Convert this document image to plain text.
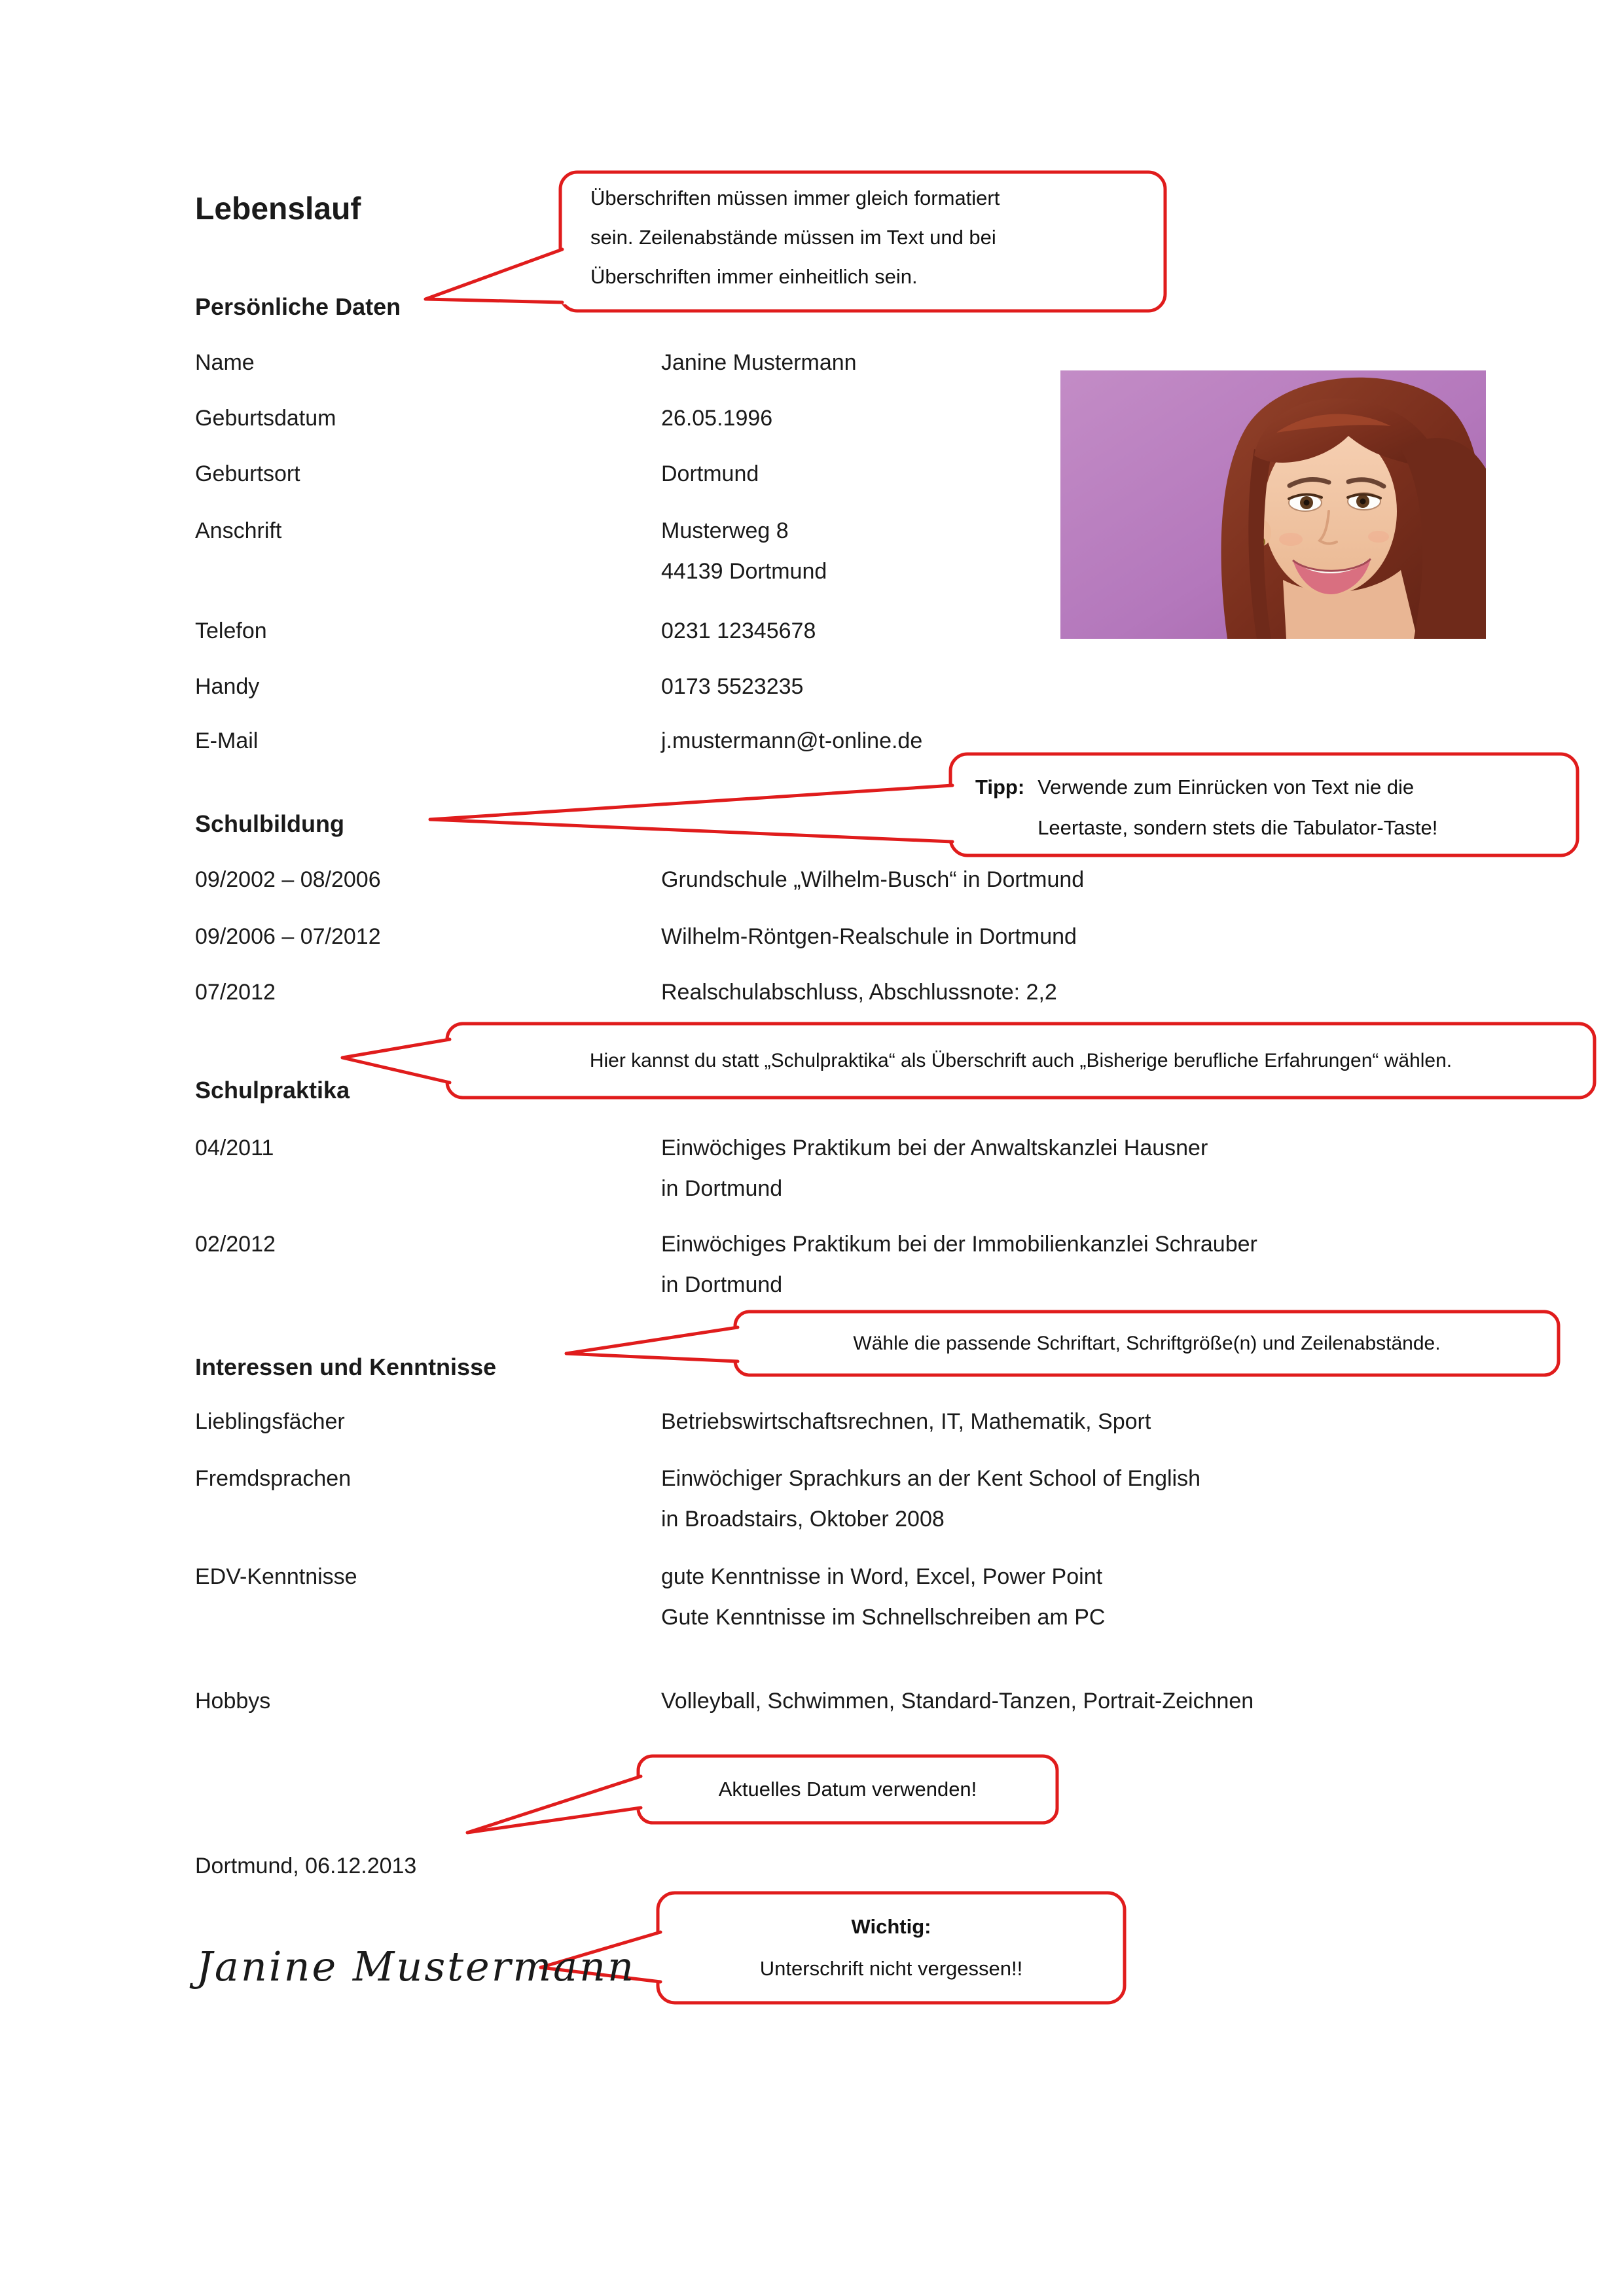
Lebenslauf	Überschriften müssen immer gleich formatiert
sein. Zeilenabstände müssen im Text und bei
Überschriften immer einheitlich sein.
Persönliche Daten
Name	Janine Mustermann
Geburtsdatum	26.05.1996
Geburtsort	Dortmund
Anschrift	Musterweg 8
44139 Dortmund
Telefon	0231 12345678
Handy	0173 5523235
E-Mail	j.mustermann@t-online.de
Tipp: Verwende zum Einrücken von Text nie die
Leertaste, sondern stets die Tabulator-Taste!
Schulbildung
09/2002 – 08/2006	Grundschule „Wilhelm-Busch“ in Dortmund
09/2006 – 07/2012	Wilhelm-Röntgen-Realschule in Dortmund
07/2012	Realschulabschluss, Abschlussnote: 2,2
Hier kannst du statt „Schulpraktika“ als Überschrift auch „Bisherige berufliche Erfahrungen“ wählen.
Schulpraktika
04/2011	Einwöchiges Praktikum bei der Anwaltskanzlei Hausner
in Dortmund
02/2012	Einwöchiges Praktikum bei der Immobilienkanzlei Schrauber
in Dortmund
Wähle die passende Schriftart, Schriftgröße(n) und Zeilenabstände.
Interessen und Kenntnisse
Lieblingsfächer	Betriebswirtschaftsrechnen, IT, Mathematik, Sport
Fremdsprachen	Einwöchiger Sprachkurs an der Kent School of English
in Broadstairs, Oktober 2008
EDV-Kenntnisse	gute Kenntnisse in Word, Excel, Power Point
Gute Kenntnisse im Schnellschreiben am PC
Hobbys	Volleyball, Schwimmen, Standard-Tanzen, Portrait-Zeichnen
Aktuelles Datum verwenden!
Dortmund, 06.12.2013
Wichtig:
Unterschrift nicht vergessen!!
Janine Mustermann
